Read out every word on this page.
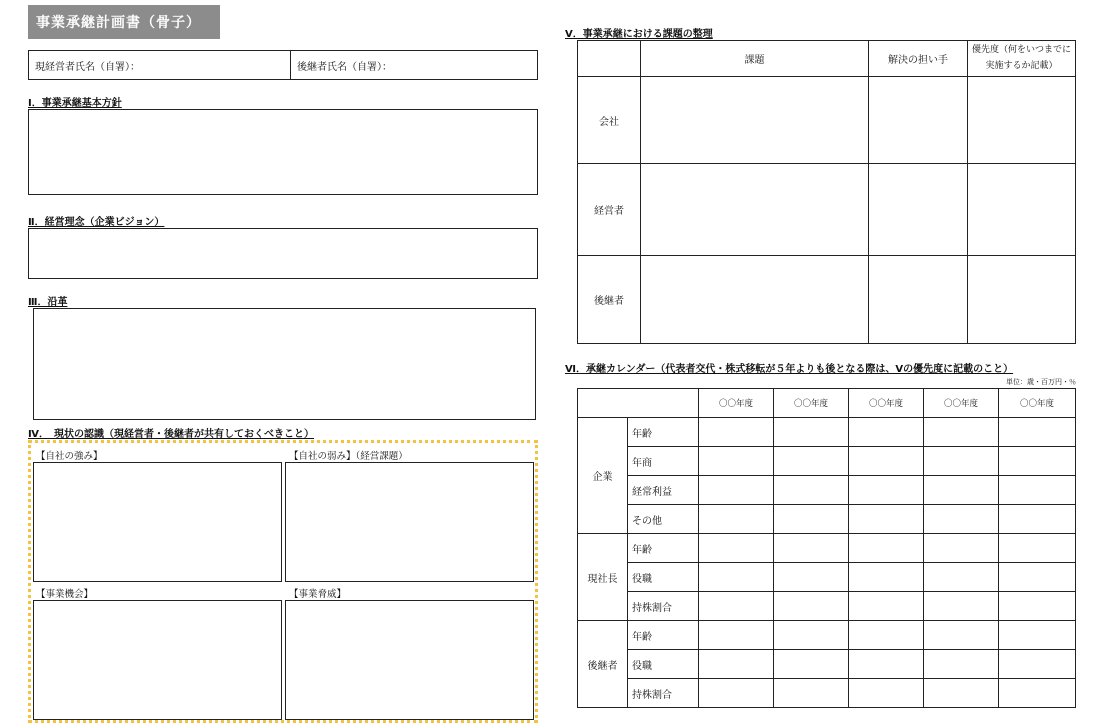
事業承継計画書（骨子）
現経営者氏名（自署）：	後継者氏名（自署）：
Ⅰ．事業承継基本方針
Ⅱ．経営理念（企業ビジョン）
Ⅲ．沿革
Ⅳ．　現状の認識（現経営者・後継者が共有しておくべきこと）
【自社の強み】	【自社の弱み】（経営課題）
【事業機会】	【事業脅威】
Ⅴ．事業承継における課題の整理
	課題	解決の担い手	優先度（何をいつまでに実施するか記載）
会社			
経営者			
後継者			
Ⅵ．承継カレンダー（代表者交代・株式移転が５年よりも後となる際は、Ⅴの優先度に記載のこと）
単位：歳・百万円・％
		〇〇年度	〇〇年度	〇〇年度	〇〇年度	〇〇年度
企業	年齢					
	年商					
	経常利益					
	その他					
現社長	年齢					
	役職					
	持株割合					
後継者	年齢					
	役職					
	持株割合					
